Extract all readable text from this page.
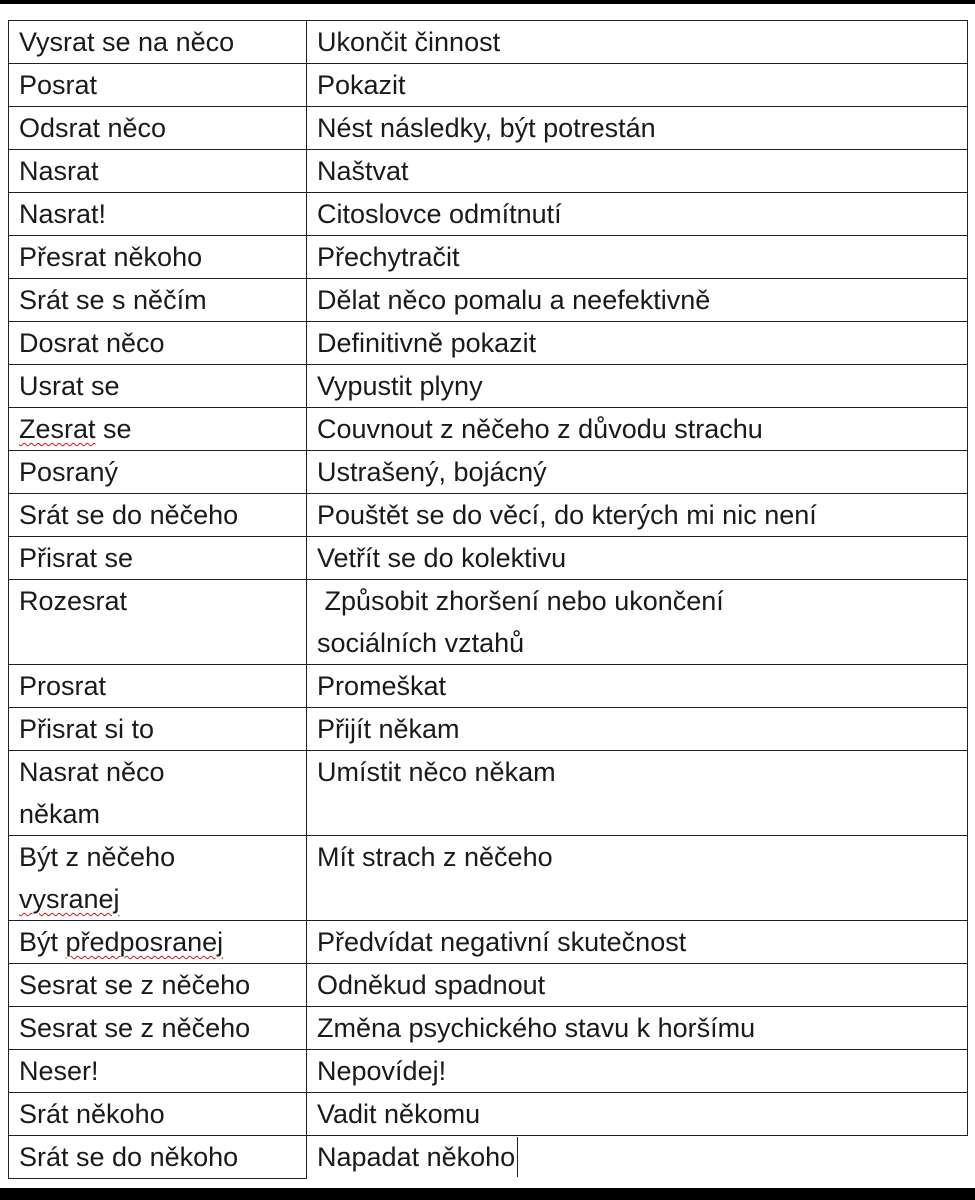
Vysrat se na něco	Ukončit činnost
Posrat	Pokazit
Odsrat něco	Nést následky, být potrestán
Nasrat	Naštvat
Nasrat!	Citoslovce odmítnutí
Přesrat někoho	Přechytračit
Srát se s něčím	Dělat něco pomalu a neefektivně
Dosrat něco	Definitivně pokazit
Usrat se	Vypustit plyny
Zesrat se	Couvnout z něčeho z důvodu strachu
Posraný	Ustrašený, bojácný
Srát se do něčeho	Pouštět se do věcí, do kterých mi nic není
Přisrat se	Vetřít se do kolektivu
Rozesrat	Způsobit zhoršení nebo ukončení sociálních vztahů
Prosrat	Promeškat
Přisrat si to	Přijít někam
Nasrat něco někam	Umístit něco někam
Být z něčeho vysranej	Mít strach z něčeho
Být předposranej	Předvídat negativní skutečnost
Sesrat se z něčeho	Odněkud spadnout
Sesrat se z něčeho	Změna psychického stavu k horšímu
Neser!	Nepovídej!
Srát někoho	Vadit někomu
Srát se do někoho	Napadat někoho
